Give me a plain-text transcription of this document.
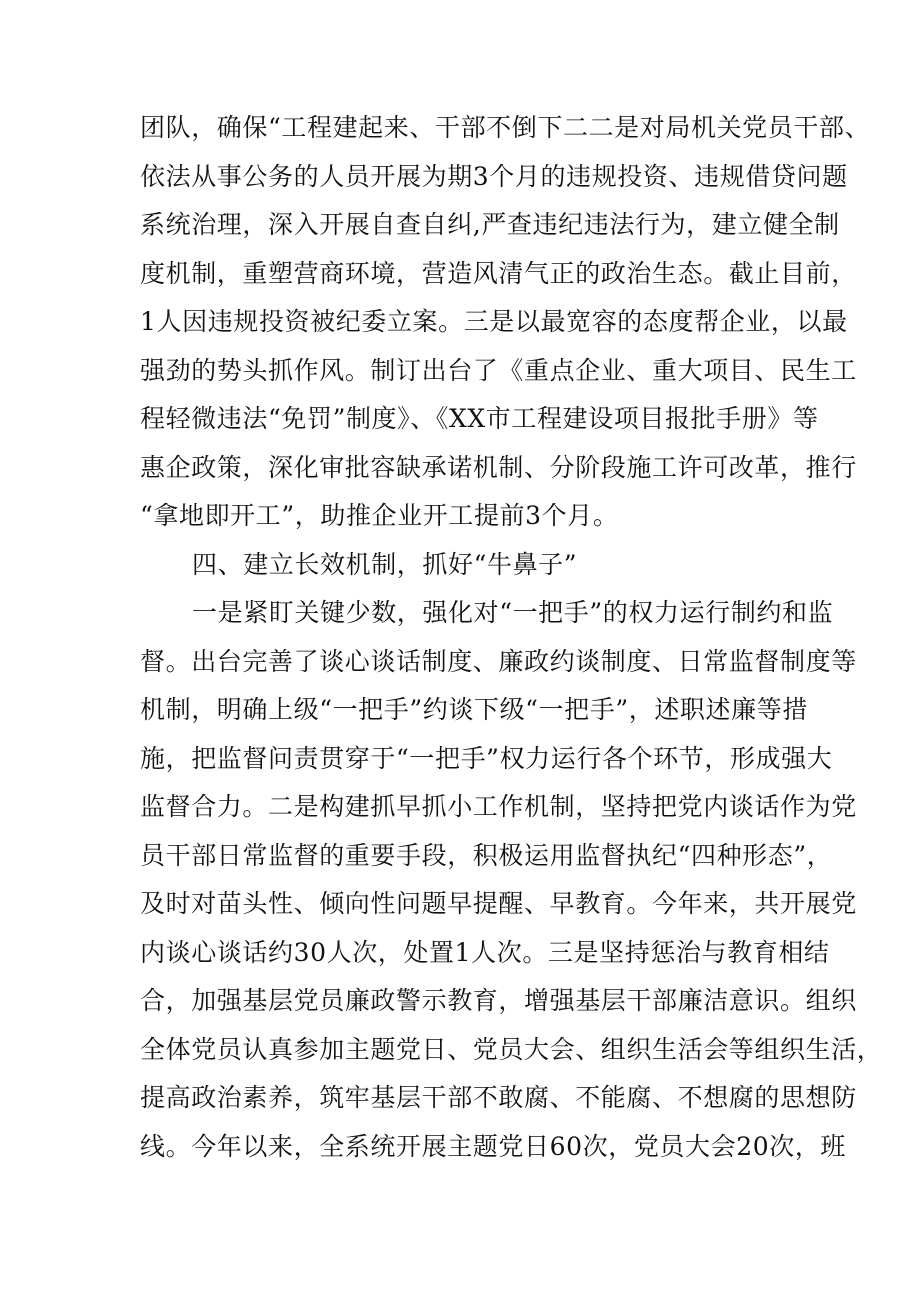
团队，确保“工程建起来、干部不倒下二二是对局机关党员干部、
依法从事公务的人员开展为期3个月的违规投资、违规借贷问题
系统治理，深入开展自查自纠,严查违纪违法行为，建立健全制
度机制，重塑营商环境，营造风清气正的政治生态。截止目前，
1人因违规投资被纪委立案。三是以最宽容的态度帮企业，以最
强劲的势头抓作风。制订出台了《重点企业、重大项目、民生工
程轻微违法“免罚”制度》、《XX市工程建设项目报批手册》等
惠企政策，深化审批容缺承诺机制、分阶段施工许可改革，推行
“拿地即开工”，助推企业开工提前3个月。
四、建立长效机制，抓好“牛鼻子”
一是紧盯关键少数，强化对“一把手”的权力运行制约和监
督。出台完善了谈心谈话制度、廉政约谈制度、日常监督制度等
机制，明确上级“一把手”约谈下级“一把手”，述职述廉等措
施，把监督问责贯穿于“一把手”权力运行各个环节，形成强大
监督合力。二是构建抓早抓小工作机制，坚持把党内谈话作为党
员干部日常监督的重要手段，积极运用监督执纪“四种形态”，
及时对苗头性、倾向性问题早提醒、早教育。今年来，共开展党
内谈心谈话约30人次，处置1人次。三是坚持惩治与教育相结
合，加强基层党员廉政警示教育，增强基层干部廉洁意识。组织
全体党员认真参加主题党日、党员大会、组织生活会等组织生活，
提高政治素养，筑牢基层干部不敢腐、不能腐、不想腐的思想防
线。今年以来，全系统开展主题党日60次，党员大会20次，班
